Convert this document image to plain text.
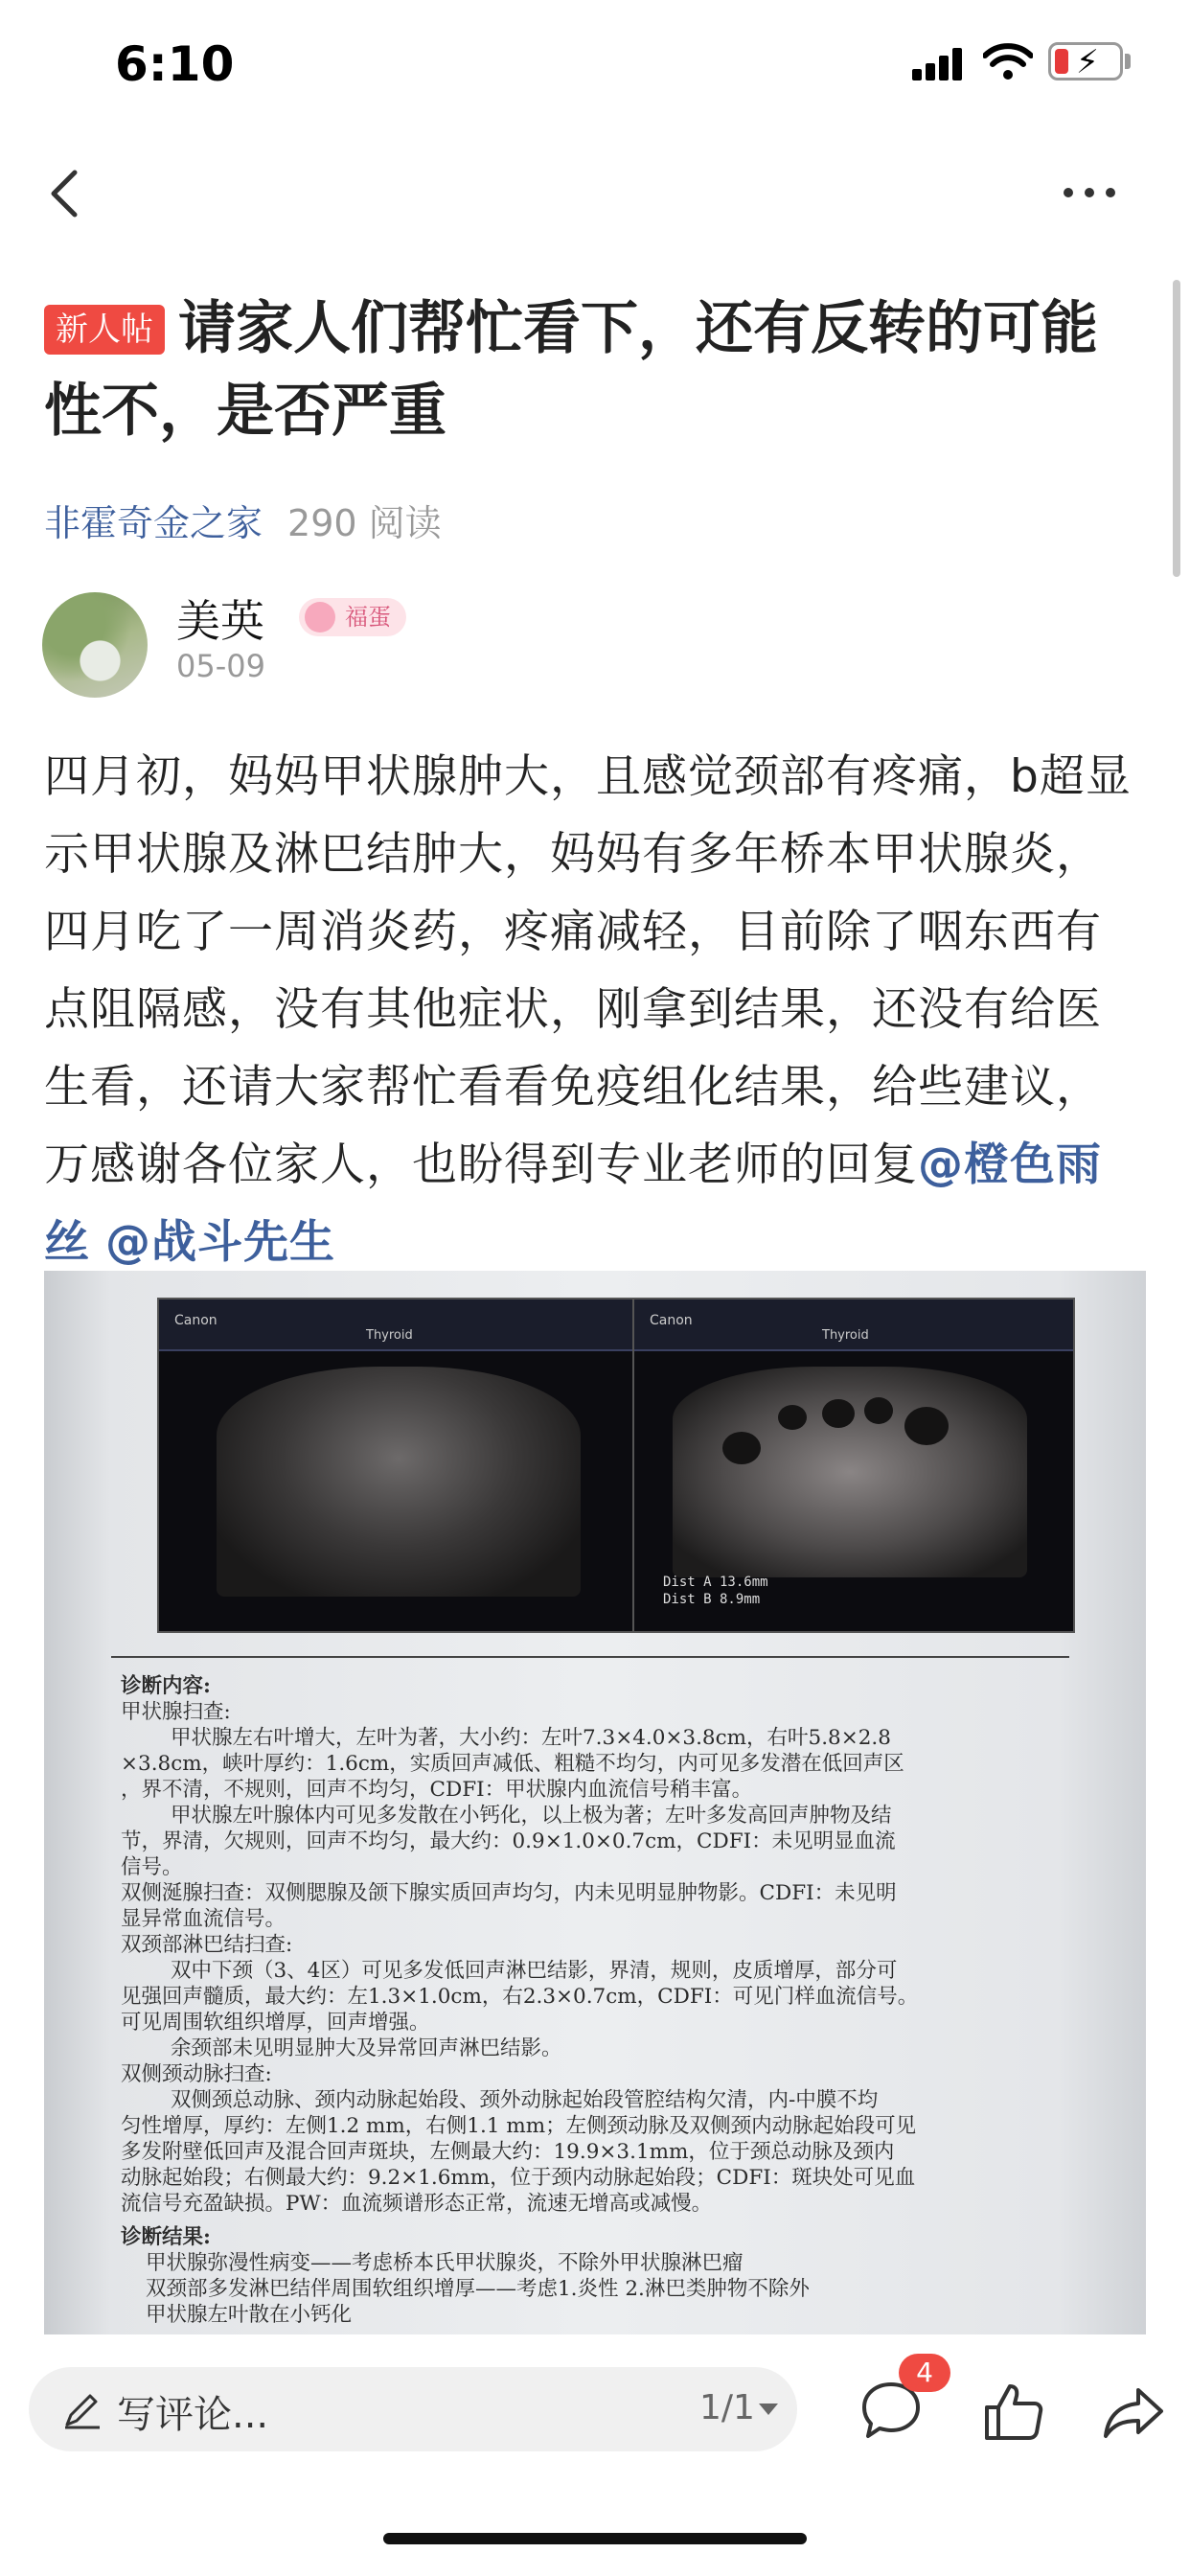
6:10	⚡
新人帖 请家人们帮忙看下，还有反转的可能性不，是否严重
非霍奇金之家 290 阅读
美英	福蛋
05-09
四月初，妈妈甲状腺肿大，且感觉颈部有疼痛，b超显示甲状腺及淋巴结肿大，妈妈有多年桥本甲状腺炎，四月吃了一周消炎药，疼痛减轻，目前除了咽东西有点阻隔感，没有其他症状，刚拿到结果，还没有给医生看，还请大家帮忙看看免疫组化结果，给些建议，万感谢各位家人，也盼得到专业老师的回复@橙色雨丝 @战斗先生
Canon
Thyroid
Canon
Thyroid
Dist A 13.6mm
Dist B 8.9mm

诊断内容:

甲状腺扫查:

甲状腺左右叶增大，左叶为著，大小约：左叶7.3×4.0×3.8cm，右叶5.8×2.8

×3.8cm，峡叶厚约：1.6cm，实质回声减低、粗糙不均匀，内可见多发潜在低回声区

，界不清，不规则，回声不均匀，CDFI：甲状腺内血流信号稍丰富。

甲状腺左叶腺体内可见多发散在小钙化，以上极为著；左叶多发高回声肿物及结

节，界清，欠规则，回声不均匀，最大约：0.9×1.0×0.7cm，CDFI：未见明显血流

信号。

双侧涎腺扫查：双侧腮腺及颌下腺实质回声均匀，内未见明显肿物影。CDFI：未见明

显异常血流信号。

双颈部淋巴结扫查:

双中下颈（3、4区）可见多发低回声淋巴结影，界清，规则，皮质增厚，部分可

见强回声髓质，最大约：左1.3×1.0cm，右2.3×0.7cm，CDFI：可见门样血流信号。

可见周围软组织增厚，回声增强。

余颈部未见明显肿大及异常回声淋巴结影。

双侧颈动脉扫查:

双侧颈总动脉、颈内动脉起始段、颈外动脉起始段管腔结构欠清，内-中膜不均

匀性增厚，厚约：左侧1.2 mm，右侧1.1 mm；左侧颈动脉及双侧颈内动脉起始段可见

多发附壁低回声及混合回声斑块，左侧最大约：19.9×3.1mm，位于颈总动脉及颈内

动脉起始段；右侧最大约：9.2×1.6mm，位于颈内动脉起始段；CDFI：斑块处可见血

流信号充盈缺损。PW：血流频谱形态正常，流速无增高或减慢。

诊断结果:

甲状腺弥漫性病变——考虑桥本氏甲状腺炎，不除外甲状腺淋巴瘤

双颈部多发淋巴结伴周围软组织增厚——考虑1.炎性 2.淋巴类肿物不除外

甲状腺左叶散在小钙化

写评论...	1/1
4
